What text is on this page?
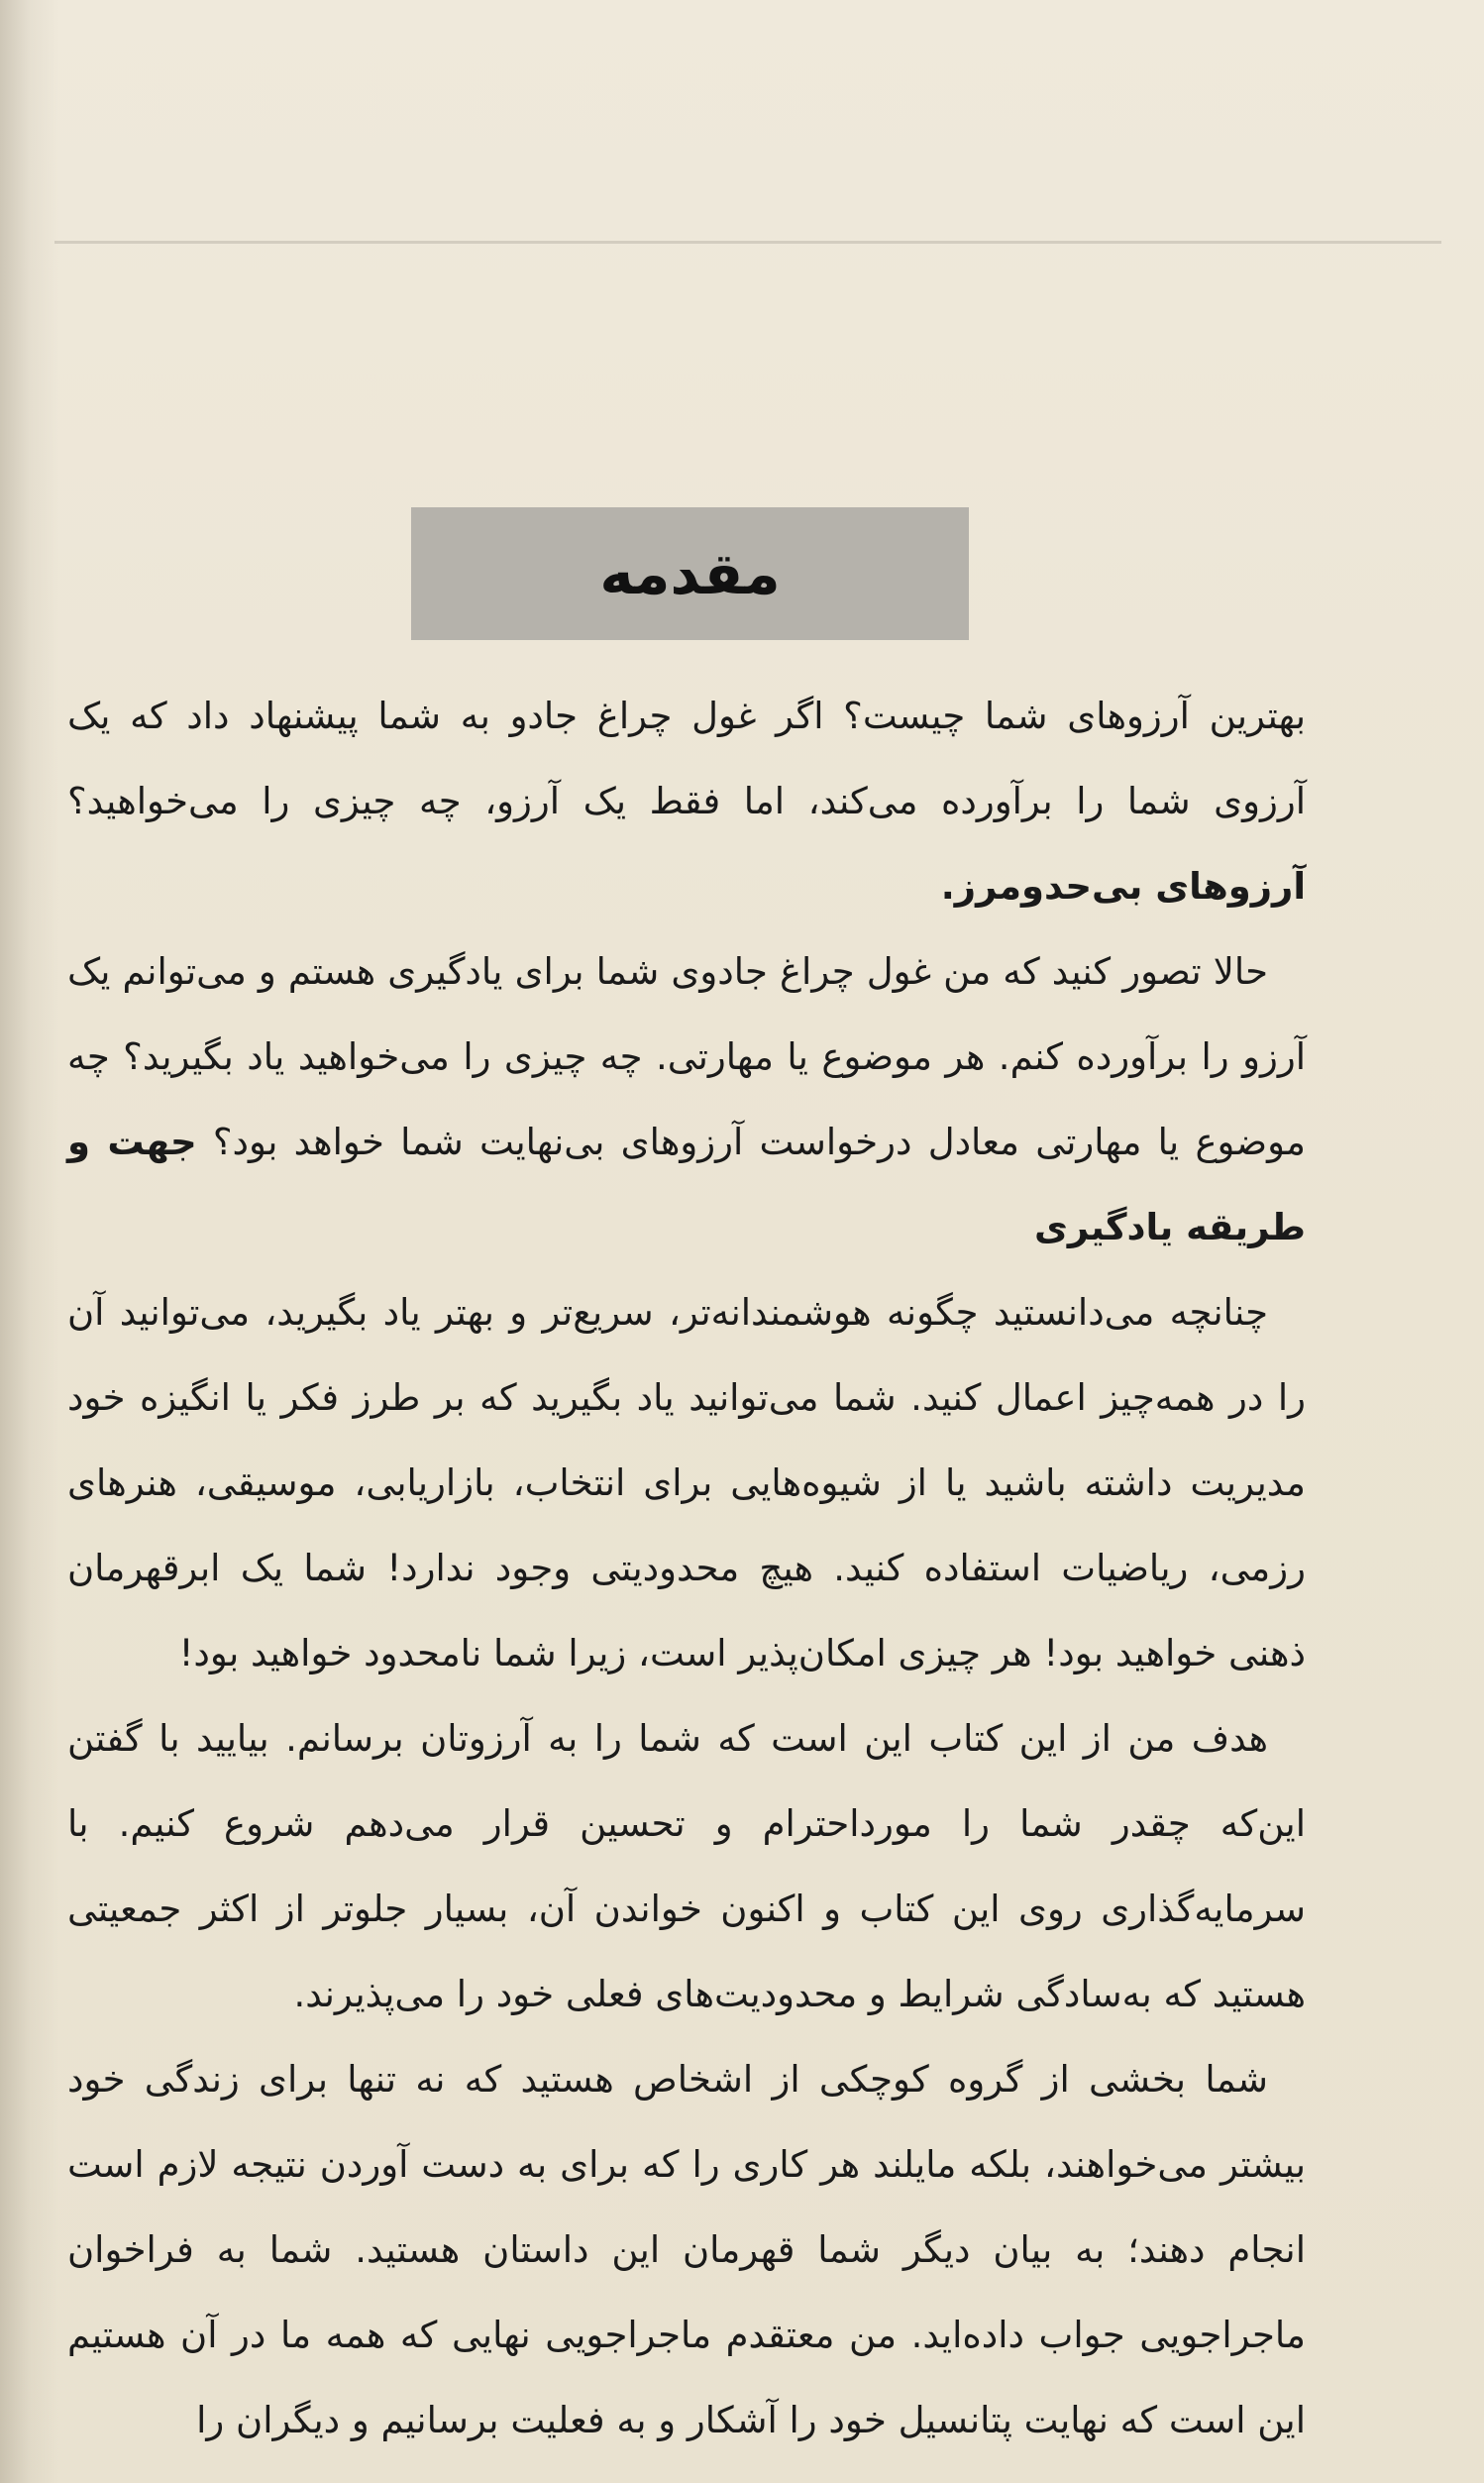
مقدمه

بهترین آرزوهای شما چیست؟ اگر غول چراغ جادو به شما پیشنهاد داد که یک آرزوی شما را برآورده می‌کند، اما فقط یک آرزو، چه چیزی را می‌خواهید؟ آرزوهای بی‌حدومرز.

حالا تصور کنید که من غول چراغ جادوی شما برای یادگیری هستم و می‌توانم یک آرزو را برآورده کنم. هر موضوع یا مهارتی. چه چیزی را می‌خواهید یاد بگیرید؟ چه موضوع یا مهارتی معادل درخواست آرزوهای بی‌نهایت شما خواهد بود؟ جهت و طریقه یادگیری

چنانچه می‌دانستید چگونه هوشمندانه‌تر، سریع‌تر و بهتر یاد بگیرید، می‌توانید آن را در همه‌چیز اعمال کنید. شما می‌توانید یاد بگیرید که بر طرز فکر یا انگیزه خود مدیریت داشته باشید یا از شیوه‌هایی برای انتخاب، بازاریابی، موسیقی، هنرهای رزمی، ریاضیات استفاده کنید. هیچ محدودیتی وجود ندارد! شما یک ابرقهرمان ذهنی خواهید بود! هر چیزی امکان‌پذیر است، زیرا شما نامحدود خواهید بود!

هدف من از این کتاب این است که شما را به آرزوتان برسانم. بیایید با گفتن این‌که چقدر شما را مورداحترام و تحسین قرار می‌دهم شروع کنیم. با سرمایه‌گذاری روی این کتاب و اکنون خواندن آن، بسیار جلوتر از اکثر جمعیتی هستید که به‌سادگی شرایط و محدودیت‌های فعلی خود را می‌پذیرند.

شما بخشی از گروه کوچکی از اشخاص هستید که نه تنها برای زندگی خود بیشتر می‌خواهند، بلکه مایلند هر کاری را که برای به دست آوردن نتیجه لازم است انجام دهند؛ به بیان دیگر شما قهرمان این داستان هستید. شما به فراخوان ماجراجویی جواب داده‌اید. من معتقدم ماجراجویی نهایی که همه ما در آن هستیم این است که نهایت پتانسیل خود را آشکار و به فعلیت برسانیم و دیگران را
